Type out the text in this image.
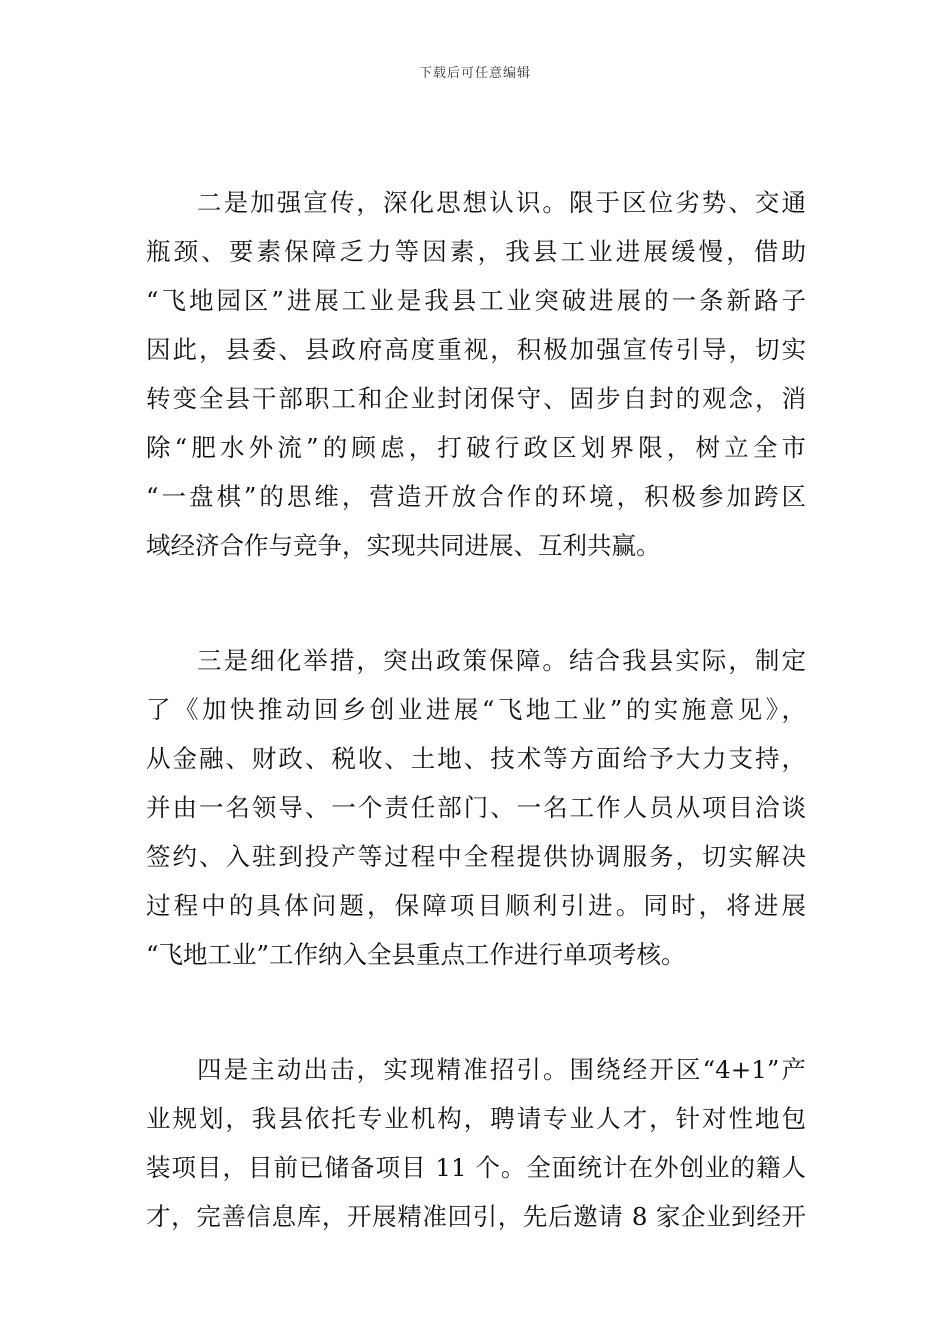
下载后可任意编辑
二是加强宣传，深化思想认识。限于区位劣势、交通
瓶颈、要素保障乏力等因素，我县工业进展缓慢，借助
“飞地园区”进展工业是我县工业突破进展的一条新路子
因此，县委、县政府高度重视，积极加强宣传引导，切实
转变全县干部职工和企业封闭保守、固步自封的观念，消
除“肥水外流”的顾虑，打破行政区划界限，树立全市
“一盘棋”的思维，营造开放合作的环境，积极参加跨区
域经济合作与竞争，实现共同进展、互利共赢。
三是细化举措，突出政策保障。结合我县实际，制定
了《加快推动回乡创业进展“飞地工业”的实施意见》，
从金融、财政、税收、土地、技术等方面给予大力支持，
并由一名领导、一个责任部门、一名工作人员从项目洽谈
签约、入驻到投产等过程中全程提供协调服务，切实解决
过程中的具体问题，保障项目顺利引进。同时，将进展
“飞地工业”工作纳入全县重点工作进行单项考核。
四是主动出击，实现精准招引。围绕经开区“4+1”产
业规划，我县依托专业机构，聘请专业人才，针对性地包
装项目，目前已储备项目 11 个。全面统计在外创业的籍人
才，完善信息库，开展精准回引，先后邀请 8 家企业到经开
